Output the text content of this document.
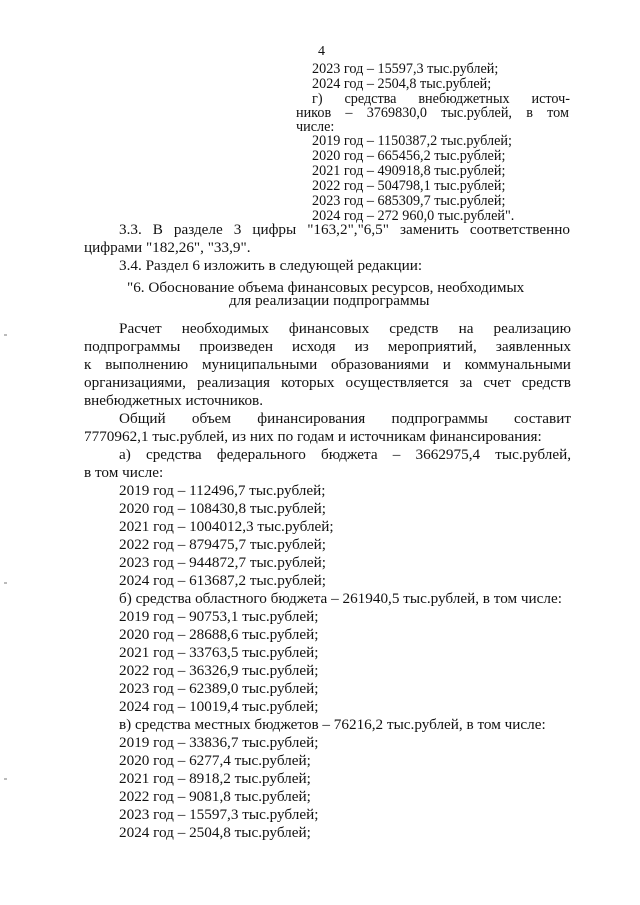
4
2023 год – 15597,3 тыс.рублей;
2024 год – 2504,8 тыс.рублей;
г) средства внебюджетных источ-
ников – 3769830,0 тыс.рублей, в том
числе:
2019 год – 1150387,2 тыс.рублей;
2020 год – 665456,2 тыс.рублей;
2021 год – 490918,8 тыс.рублей;
2022 год – 504798,1 тыс.рублей;
2023 год – 685309,7 тыс.рублей;
2024 год – 272 960,0 тыс.рублей".
3.3. В разделе 3 цифры "163,2","6,5" заменить соответственно
цифрами "182,26", "33,9".
3.4. Раздел 6 изложить в следующей редакции:
"6. Обоснование объема финансовых ресурсов, необходимых
для реализации подпрограммы
Расчет необходимых финансовых средств на реализацию
подпрограммы произведен исходя из мероприятий, заявленных
к выполнению муниципальными образованиями и коммунальными
организациями, реализация которых осуществляется за счет средств
внебюджетных источников.
Общий объем финансирования подпрограммы составит
7770962,1 тыс.рублей, из них по годам и источникам финансирования:
а) средства федерального бюджета – 3662975,4 тыс.рублей,
в том числе:
2019 год – 112496,7 тыс.рублей;
2020 год – 108430,8 тыс.рублей;
2021 год – 1004012,3 тыс.рублей;
2022 год – 879475,7 тыс.рублей;
2023 год – 944872,7 тыс.рублей;
2024 год – 613687,2 тыс.рублей;
б) средства областного бюджета – 261940,5 тыс.рублей, в том числе:
2019 год – 90753,1 тыс.рублей;
2020 год – 28688,6 тыс.рублей;
2021 год – 33763,5 тыс.рублей;
2022 год – 36326,9 тыс.рублей;
2023 год – 62389,0 тыс.рублей;
2024 год – 10019,4 тыс.рублей;
в) средства местных бюджетов – 76216,2 тыс.рублей, в том числе:
2019 год – 33836,7 тыс.рублей;
2020 год – 6277,4 тыс.рублей;
2021 год – 8918,2 тыс.рублей;
2022 год – 9081,8 тыс.рублей;
2023 год – 15597,3 тыс.рублей;
2024 год – 2504,8 тыс.рублей;
